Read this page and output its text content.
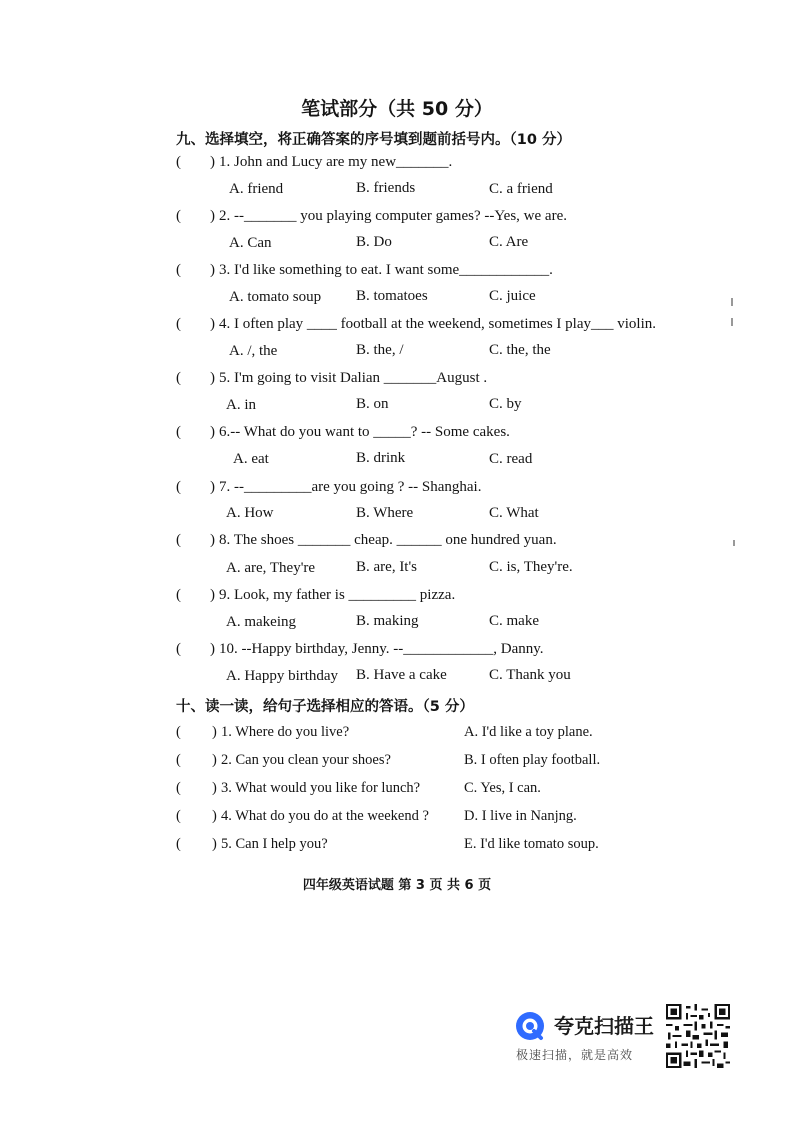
笔试部分（共 50 分）
九、选择填空，将正确答案的序号填到题前括号内。（10 分）
( ) 1. John and Lucy are my new_______.
A. friend	B. friends	C. a friend
( ) 2. --_______ you playing computer games? --Yes, we are.
A. Can	B. Do	C. Are
( ) 3. I'd like something to eat. I want some____________.
A. tomato soup B. tomatoes	C. juice
( ) 4. I often play ____ football at the weekend, sometimes I play___ violin.
A. /, the	B. the, /	C. the, the
( ) 5. I'm going to visit Dalian _______August .
A. in	B. on	C. by
( ) 6.-- What do you want to _____? -- Some cakes.
A. eat	B. drink	C. read
( ) 7. --_________are you going ? -- Shanghai.
A. How	B. Where	C. What
( ) 8. The shoes _______ cheap. ______ one hundred yuan.
A. are, They're	B. are, It's	C. is, They're.
( ) 9. Look, my father is _________ pizza.
A. makeing	B. making	C. make
( ) 10. --Happy birthday, Jenny. --____________, Danny.
A. Happy birthday B. Have a cake	C. Thank you
十、读一读，给句子选择相应的答语。（5 分）
( ) 1. Where do you live?	A. I'd like a toy plane.
( ) 2. Can you clean your shoes?	B. I often play football.
( ) 3. What would you like for lunch?	C. Yes, I can.
( ) 4. What do you do at the weekend ? D. I live in Nanjng.
( ) 5. Can I help you?	E. I'd like tomato soup.
四年级英语试题 第 3 页 共 6 页
夸克扫描王
极速扫描，就是高效
